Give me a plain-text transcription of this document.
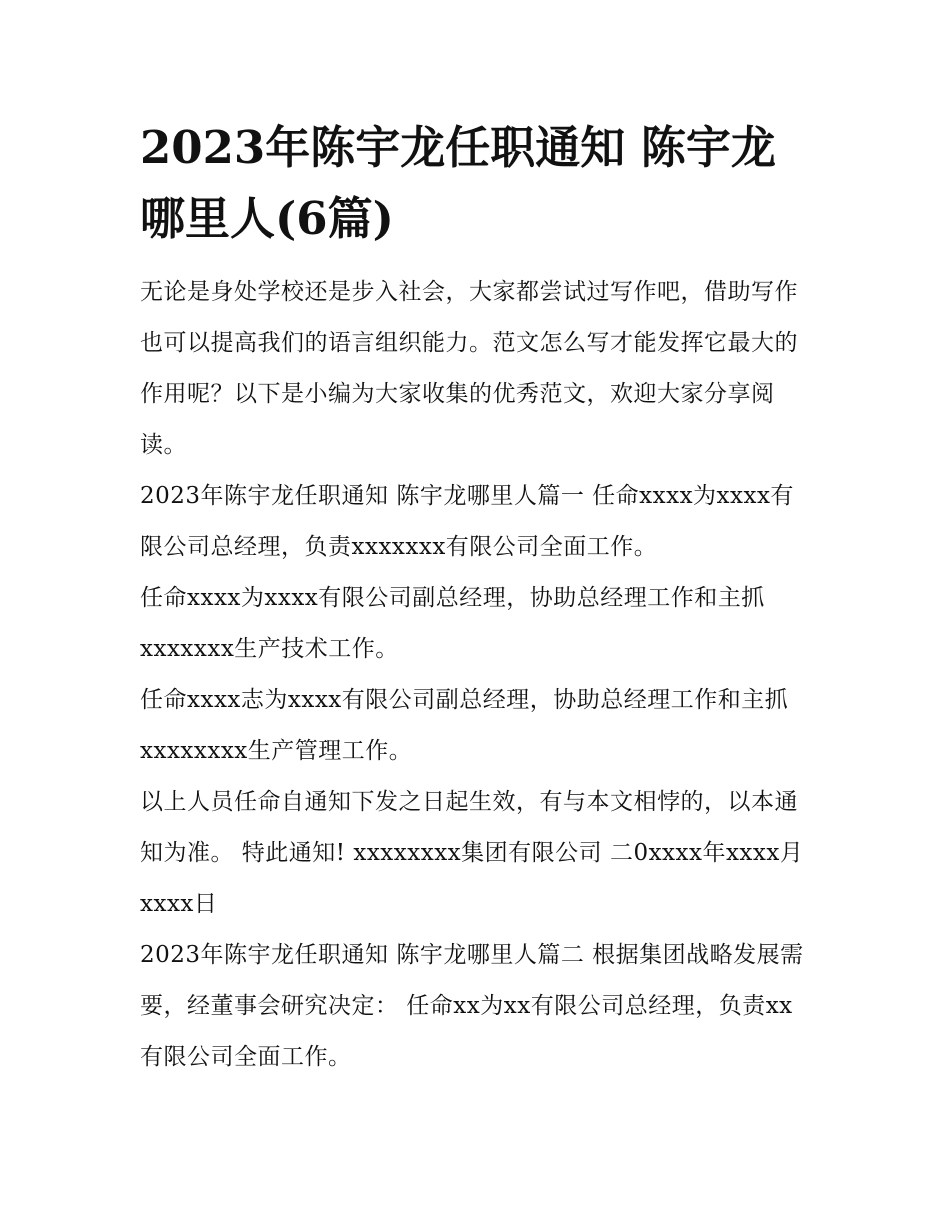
2023年陈宇龙任职通知 陈宇龙哪里人(6篇)

无论是身处学校还是步入社会，大家都尝试过写作吧，借助写作也可以提高我们的语言组织能力。范文怎么写才能发挥它最大的作用呢？以下是小编为大家收集的优秀范文，欢迎大家分享阅读。

2023年陈宇龙任职通知 陈宇龙哪里人篇一 任命xxxx为xxxx有限公司总经理，负责xxxxxxx有限公司全面工作。

任命xxxx为xxxx有限公司副总经理，协助总经理工作和主抓xxxxxxx生产技术工作。

任命xxxx志为xxxx有限公司副总经理，协助总经理工作和主抓xxxxxxxx生产管理工作。

以上人员任命自通知下发之日起生效，有与本文相悖的，以本通知为准。 特此通知! xxxxxxxx集团有限公司 二0xxxx年xxxx月xxxx日

2023年陈宇龙任职通知 陈宇龙哪里人篇二 根据集团战略发展需要，经董事会研究决定： 任命xx为xx有限公司总经理，负责xx有限公司全面工作。
